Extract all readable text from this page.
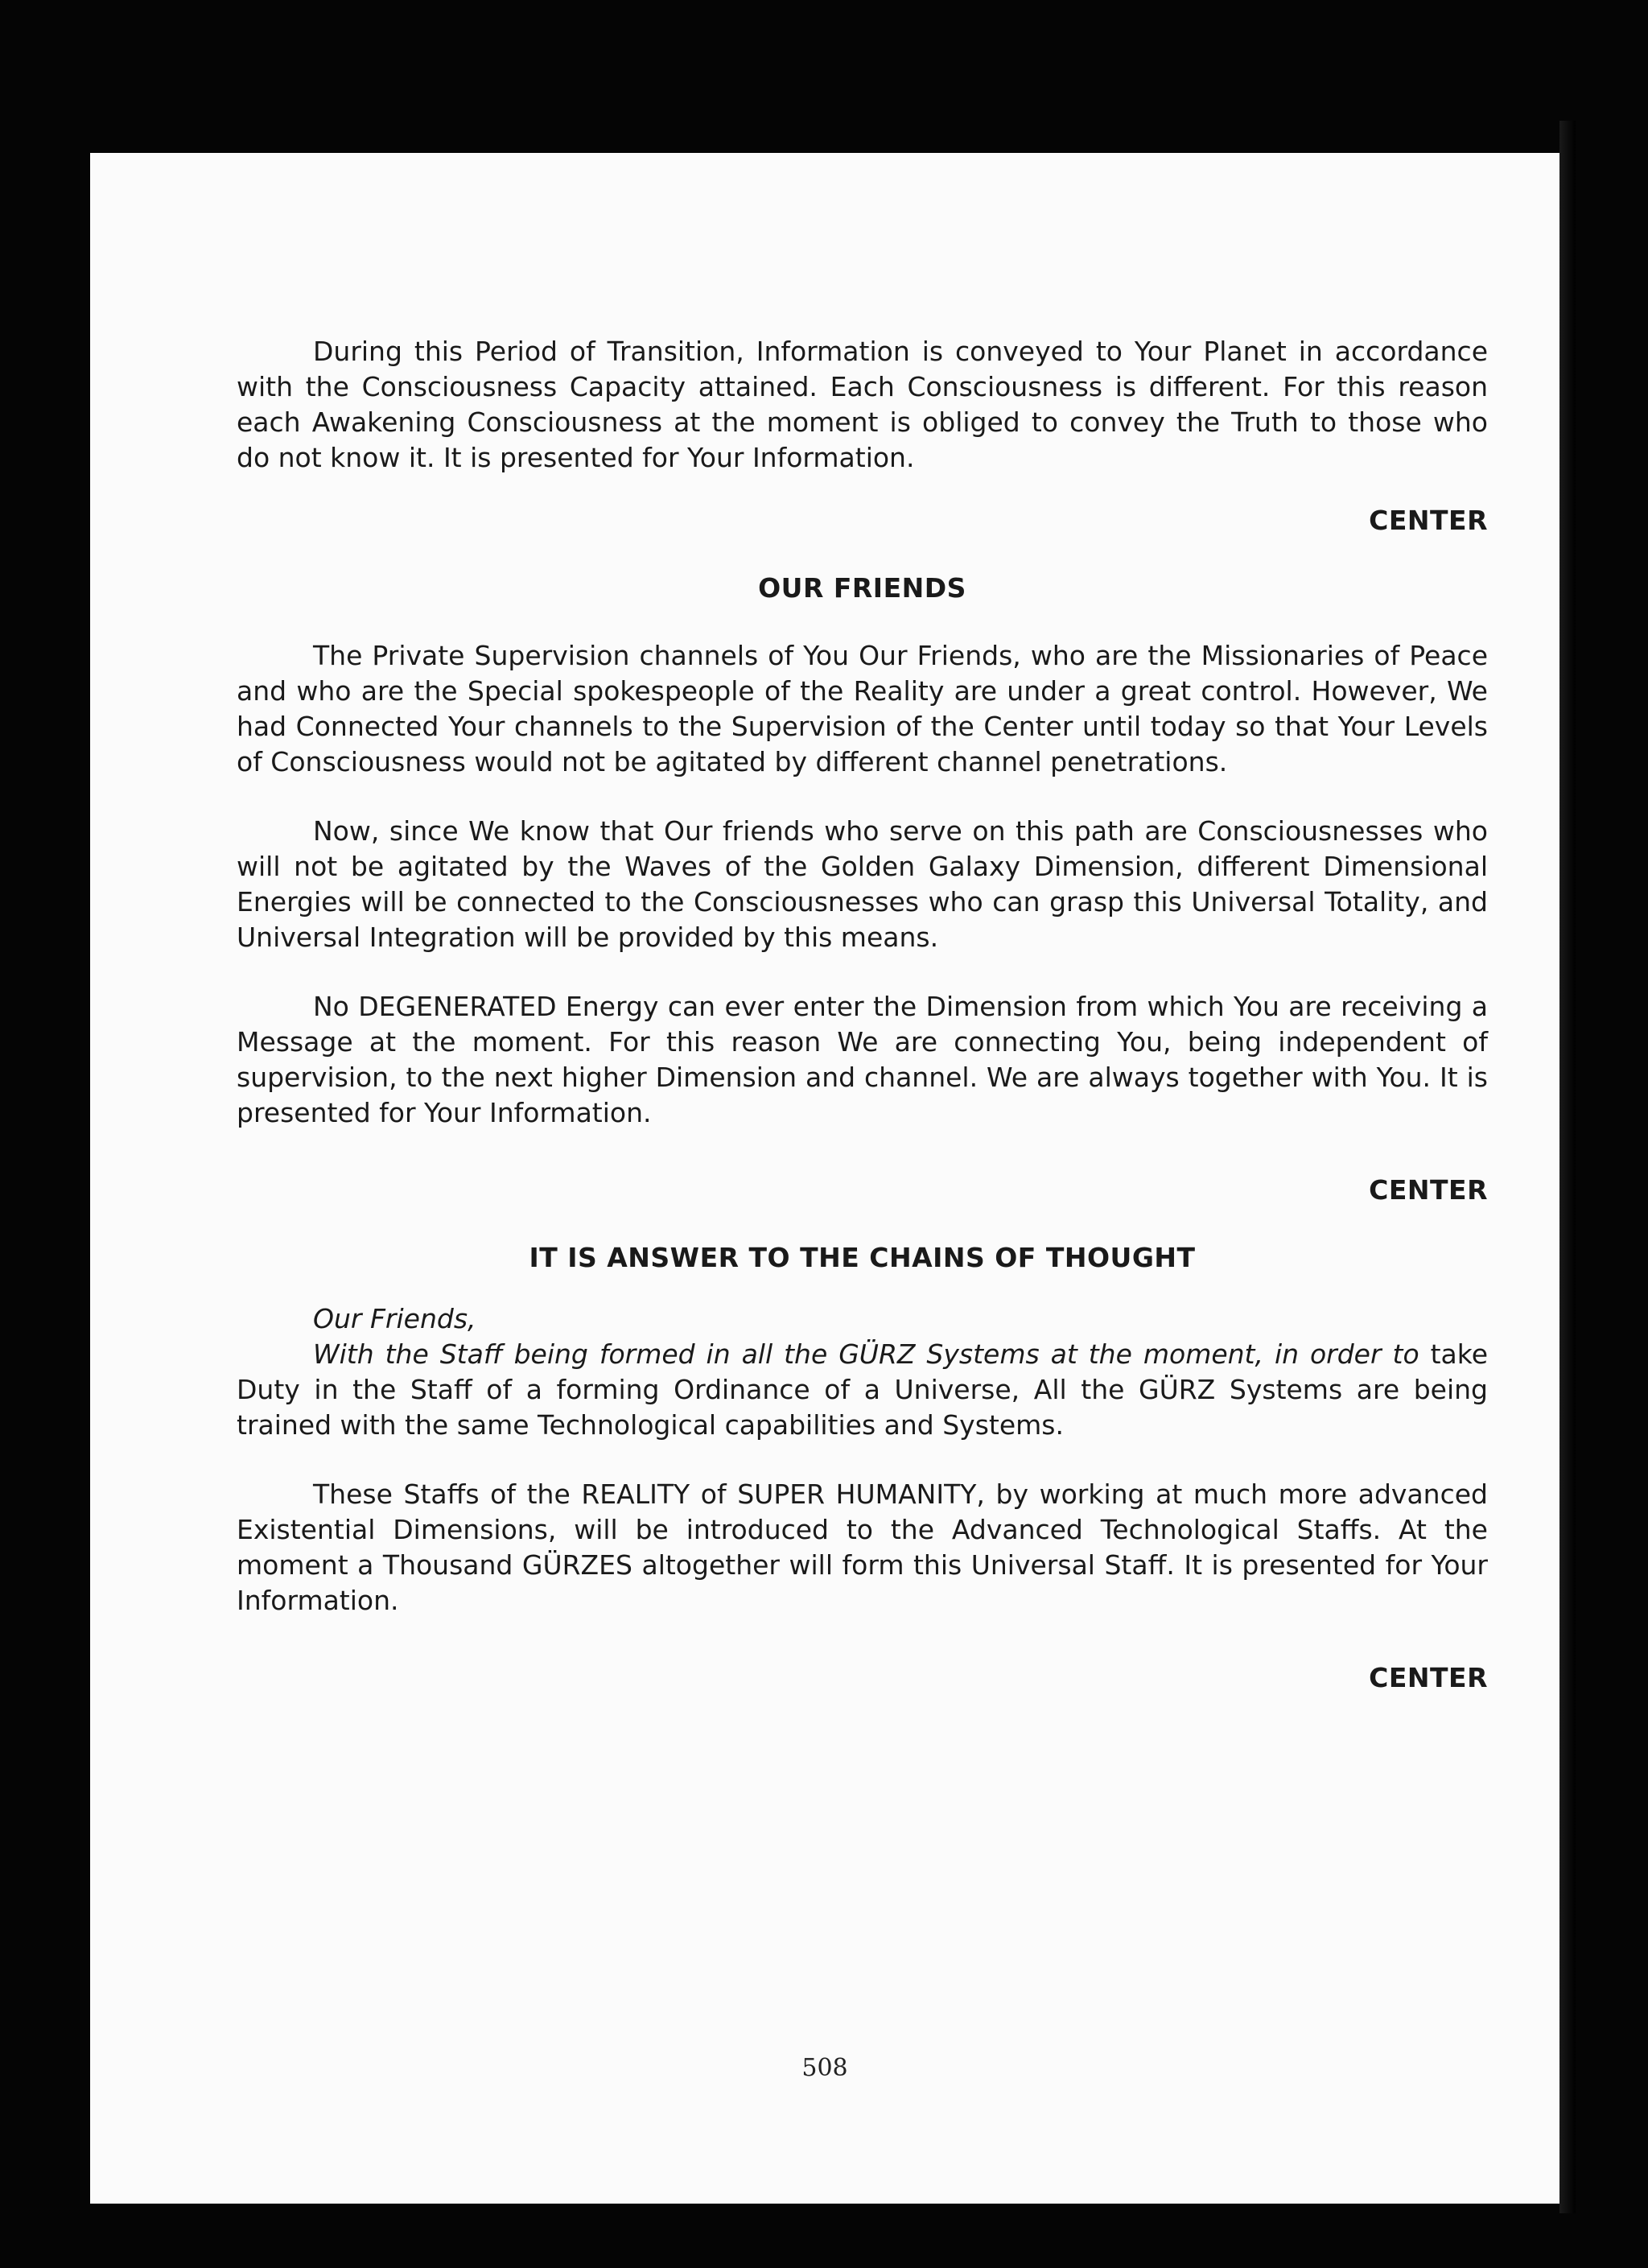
During this Period of Transition, Information is conveyed to Your Planet in accordance with the Consciousness Capacity attained. Each Consciousness is different. For this reason each Awakening Consciousness at the moment is obliged to convey the Truth to those who do not know it. It is presented for Your Information.

CENTER

OUR FRIENDS

The Private Supervision channels of You Our Friends, who are the Missionaries of Peace and who are the Special spokespeople of the Reality are under a great control. However, We had Connected Your channels to the Supervision of the Center until today so that Your Levels of Consciousness would not be agitated by different channel penetrations.

Now, since We know that Our friends who serve on this path are Consciousnesses who will not be agitated by the Waves of the Golden Galaxy Dimension, different Dimensional Energies will be connected to the Consciousnesses who can grasp this Universal Totality, and Universal Integration will be provided by this means.

No DEGENERATED Energy can ever enter the Dimension from which You are receiving a Message at the moment. For this reason We are connecting You, being independent of supervision, to the next higher Dimension and channel. We are always together with You. It is presented for Your Information.

CENTER

IT IS ANSWER TO THE CHAINS OF THOUGHT

Our Friends,

With the Staff being formed in all the GÜRZ Systems at the moment, in order to take Duty in the Staff of a forming Ordinance of a Universe, All the GÜRZ Systems are being trained with the same Technological capabilities and Systems.

These Staffs of the REALITY of SUPER HUMANITY, by working at much more advanced Existential Dimensions, will be introduced to the Advanced Technological Staffs. At the moment a Thousand GÜRZES altogether will form this Universal Staff. It is presented for Your Information.

CENTER

508
